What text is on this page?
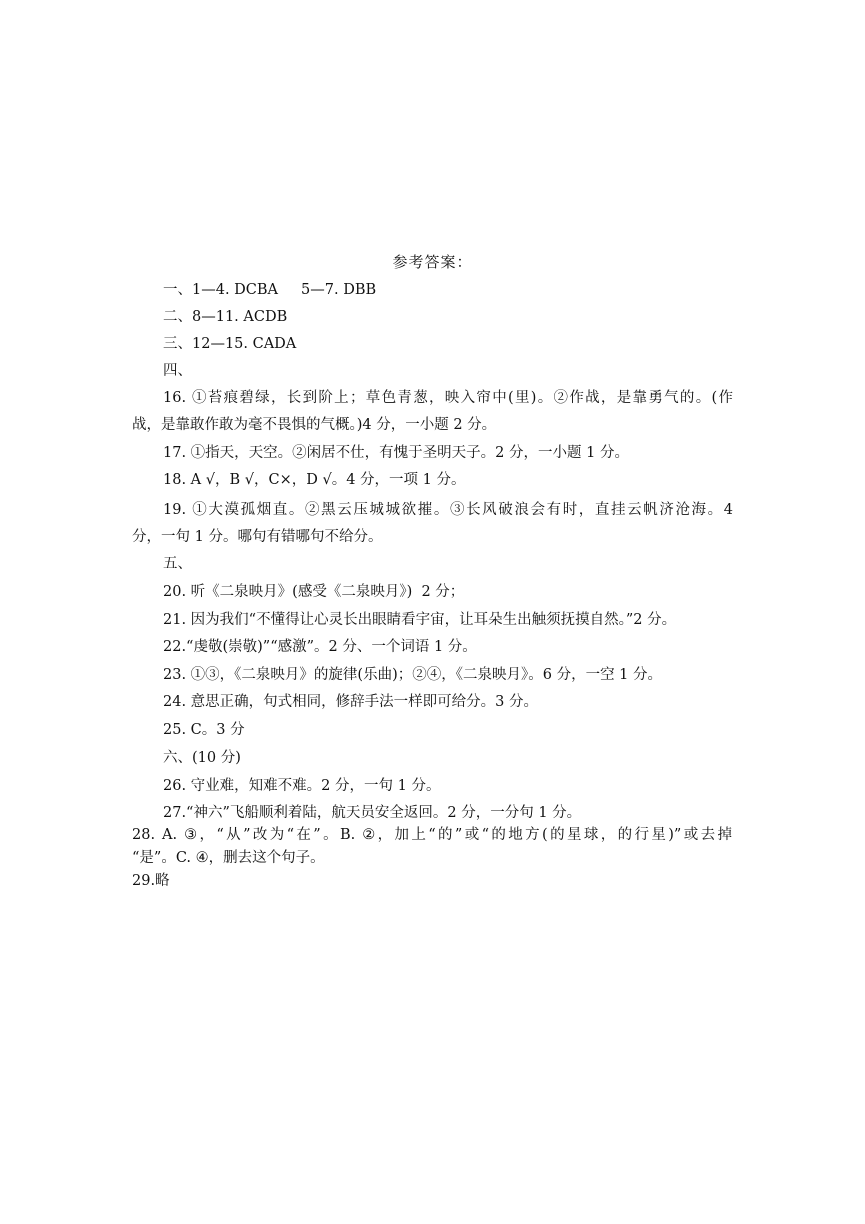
参考答案：
一、1—4. DCBA     5—7. DBB
二、8—11. ACDB
三、12—15. CADA
四、
16. ①苔痕碧绿，长到阶上；草色青葱，映入帘中(里)。②作战，是靠勇气的。(作
战，是靠敢作敢为毫不畏惧的气概。)4 分，一小题 2 分。
17. ①指天，天空。②闲居不仕，有愧于圣明天子。2 分，一小题 1 分。
18. A √，B √，C×，D √。4 分，一项 1 分。
19. ①大漠孤烟直。②黑云压城城欲摧。③长风破浪会有时，直挂云帆济沧海。4
分，一句 1 分。哪句有错哪句不给分。
五、
20. 听《二泉映月》(感受《二泉映月》)  2 分；
21. 因为我们“不懂得让心灵长出眼睛看宇宙，让耳朵生出触须抚摸自然。”2 分。
22.“虔敬(崇敬)”“感激”。2 分、一个词语 1 分。
23. ①③，《二泉映月》的旋律(乐曲)；②④，《二泉映月》。6 分，一空 1 分。
24. 意思正确，句式相同，修辞手法一样即可给分。3 分。
25. C。3 分
六、(10 分)
26. 守业难，知难不难。2 分，一句 1 分。
27.“神六”飞船顺利着陆，航天员安全返回。2 分，一分句 1 分。
28. A. ③，“从”改为“在”。B. ②，加上“的”或“的地方(的星球，的行星)”或去掉
“是”。C. ④，删去这个句子。
29.略
